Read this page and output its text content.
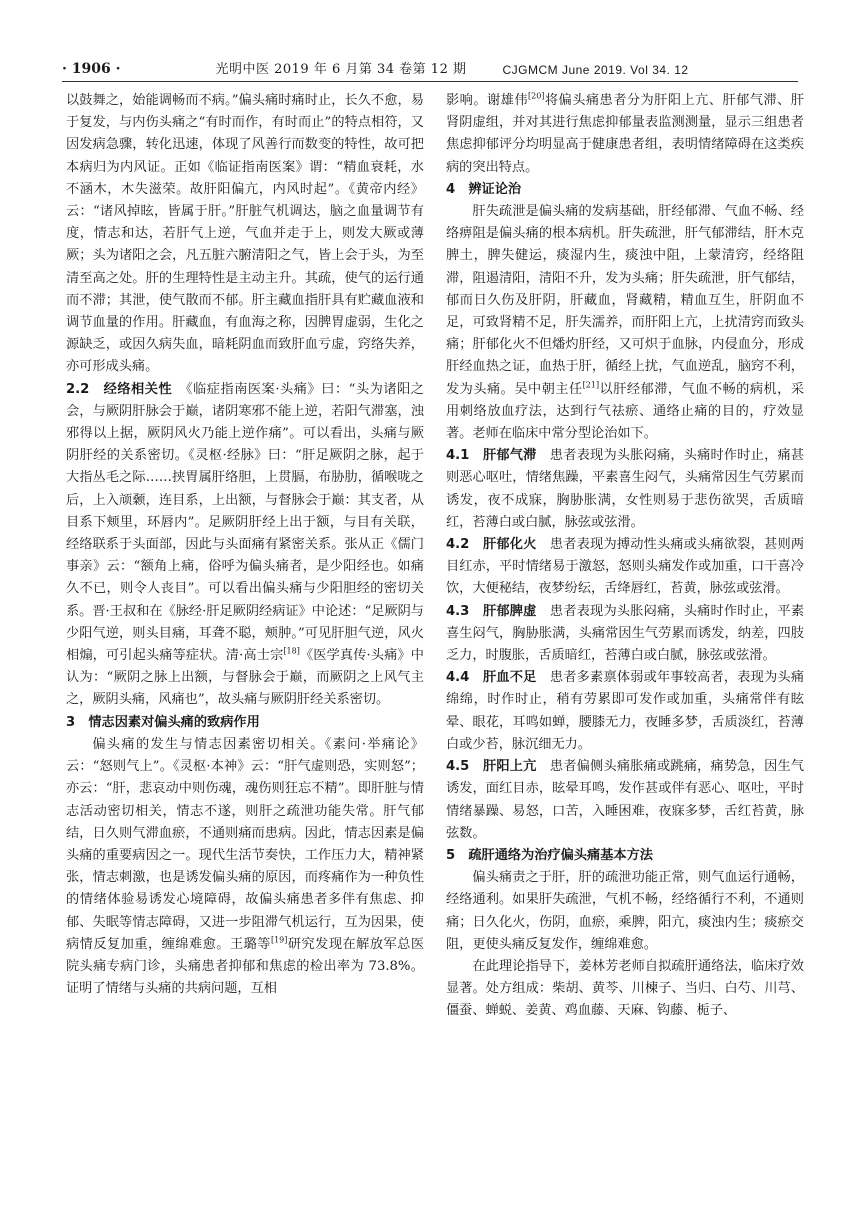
· 1906 ·	光明中医 2019 年 6 月第 34 卷第 12 期	CJGMCM June 2019. Vol 34. 12

以鼓舞之，始能调畅而不病。”偏头痛时痛时止，长久不愈，易于复发，与内伤头痛之“有时而作，有时而止”的特点相符，又因发病急骤，转化迅速，体现了风善行而数变的特性，故可把本病归为内风证。正如《临证指南医案》谓：“精血衰耗，水不涵木，木失滋荣。故肝阳偏亢，内风时起”。《黄帝内经》云：“诸风掉眩，皆属于肝。”肝脏气机调达，脑之血量调节有度，情志和达，若肝气上逆，气血并走于上，则发大厥或薄厥；头为诸阳之会，凡五脏六腑清阳之气，皆上会于头，为至清至高之处。肝的生理特性是主动主升。其疏，使气的运行通而不滞；其泄，使气散而不郁。肝主藏血指肝具有贮藏血液和调节血量的作用。肝藏血，有血海之称，因脾胃虚弱，生化之源缺乏，或因久病失血，暗耗阴血而致肝血亏虚，窍络失养，亦可形成头痛。

2.2　 经络相关性　 《临症指南医案·头痛》曰：“头为诸阳之会，与厥阴肝脉会于巅，诸阴寒邪不能上逆，若阳气滞塞，浊邪得以上据，厥阴风火乃能上逆作痛”。可以看出，头痛与厥阴肝经的关系密切。《灵枢·经脉》曰：“肝足厥阴之脉，起于大指丛毛之际……挟胃属肝络胆，上贯膈，布胁肋，循喉咙之后，上入颃颡，连目系，上出额，与督脉会于巅：其支者，从目系下颊里，环唇内”。足厥阴肝经上出于额，与目有关联，经络联系于头面部，因此与头面痛有紧密关系。张从正《儒门事亲》云：“额角上痛，俗呼为偏头痛者，是少阳经也。如痛久不已，则令人丧目”。可以看出偏头痛与少阳胆经的密切关系。晋·王叔和在《脉经·肝足厥阴经病证》中论述：“足厥阴与少阳气逆，则头目痛，耳聋不聪，颊肿。”可见肝胆气逆，风火相煽，可引起头痛等症状。清·高士宗[18]《医学真传·头痛》中认为：“厥阴之脉上出额，与督脉会于巅，而厥阴之上风气主之，厥阴头痛，风痛也”，故头痛与厥阴肝经关系密切。

3　 情志因素对偏头痛的致病作用

偏头痛的发生与情志因素密切相关。《素问·举痛论》云：“怒则气上”。《灵枢·本神》云：“肝气虚则恐，实则怒”；亦云：“肝，悲哀动中则伤魂，魂伤则狂忘不精”。即肝脏与情志活动密切相关，情志不遂，则肝之疏泄功能失常。肝气郁结，日久则气滞血瘀，不通则痛而患病。因此，情志因素是偏头痛的重要病因之一。现代生活节奏快，工作压力大，精神紧张，情志刺激，也是诱发偏头痛的原因，而疼痛作为一种负性的情绪体验易诱发心境障碍，故偏头痛患者多伴有焦虑、抑郁、失眠等情志障碍，又进一步阻滞气机运行，互为因果，使病情反复加重，缠绵难愈。王璐等[19]研究发现在解放军总医院头痛专病门诊，头痛患者抑郁和焦虑的检出率为 73.8%。证明了情绪与头痛的共病问题，互相

影响。谢雄伟[20]将偏头痛患者分为肝阳上亢、肝郁气滞、肝肾阴虚组，并对其进行焦虑抑郁量表监测测量，显示三组患者焦虑抑郁评分均明显高于健康患者组，表明情绪障碍在这类疾病的突出特点。

4　 辨证论治

肝失疏泄是偏头痛的发病基础，肝经郁滞、气血不畅、经络痹阻是偏头痛的根本病机。肝失疏泄，肝气郁滞结，肝木克脾土，脾失健运，痰湿内生，痰浊中阻，上蒙清窍，经络阻滞，阻遏清阳，清阳不升，发为头痛；肝失疏泄，肝气郁结，郁而日久伤及肝阴，肝藏血，肾藏精，精血互生，肝阴血不足，可致肾精不足，肝失濡养，而肝阳上亢，上扰清窍而致头痛；肝郁化火不但燔灼肝经，又可炽于血脉，内侵血分，形成肝经血热之证，血热于肝，循经上扰，气血逆乱，脑窍不利，发为头痛。吴中朝主任[21]以肝经郁滞，气血不畅的病机，采用刺络放血疗法，达到行气祛瘀、通络止痛的目的，疗效显著。老师在临床中常分型论治如下。

4.1　 肝郁气滞　 患者表现为头胀闷痛，头痛时作时止，痛甚则恶心呕吐，情绪焦躁，平素喜生闷气，头痛常因生气劳累而诱发，夜不成寐，胸胁胀满，女性则易于悲伤欲哭，舌质暗红，苔薄白或白腻，脉弦或弦滑。

4.2　 肝郁化火　 患者表现为搏动性头痛或头痛欲裂，甚则两目红赤，平时情绪易于激怒，怒则头痛发作或加重，口干喜冷饮，大便秘结，夜梦纷纭，舌绛唇红，苔黄，脉弦或弦滑。

4.3　 肝郁脾虚　 患者表现为头胀闷痛，头痛时作时止，平素喜生闷气，胸胁胀满，头痛常因生气劳累而诱发，纳差，四肢乏力，时腹胀，舌质暗红，苔薄白或白腻，脉弦或弦滑。

4.4　 肝血不足　 患者多素禀体弱或年事较高者，表现为头痛绵绵，时作时止，稍有劳累即可发作或加重，头痛常伴有眩晕、眼花，耳鸣如蝉，腰膝无力，夜睡多梦，舌质淡红，苔薄白或少苔，脉沉细无力。

4.5　 肝阳上亢　 患者偏侧头痛胀痛或跳痛，痛势急，因生气诱发，面红目赤，眩晕耳鸣，发作甚或伴有恶心、呕吐，平时情绪暴躁、易怒，口苦，入睡困难，夜寐多梦，舌红苔黄，脉弦数。

5　 疏肝通络为治疗偏头痛基本方法

偏头痛责之于肝，肝的疏泄功能正常，则气血运行通畅，经络通利。如果肝失疏泄，气机不畅，经络循行不利，不通则痛；日久化火，伤阴，血瘀，乘脾，阳亢，痰浊内生；痰瘀交阻，更使头痛反复发作，缠绵难愈。

在此理论指导下，姜林芳老师自拟疏肝通络法，临床疗效显著。处方组成：柴胡、黄芩、川楝子、当归、白芍、川芎、僵蚕、蝉蜕、姜黄、鸡血藤、天麻、钩藤、栀子、
